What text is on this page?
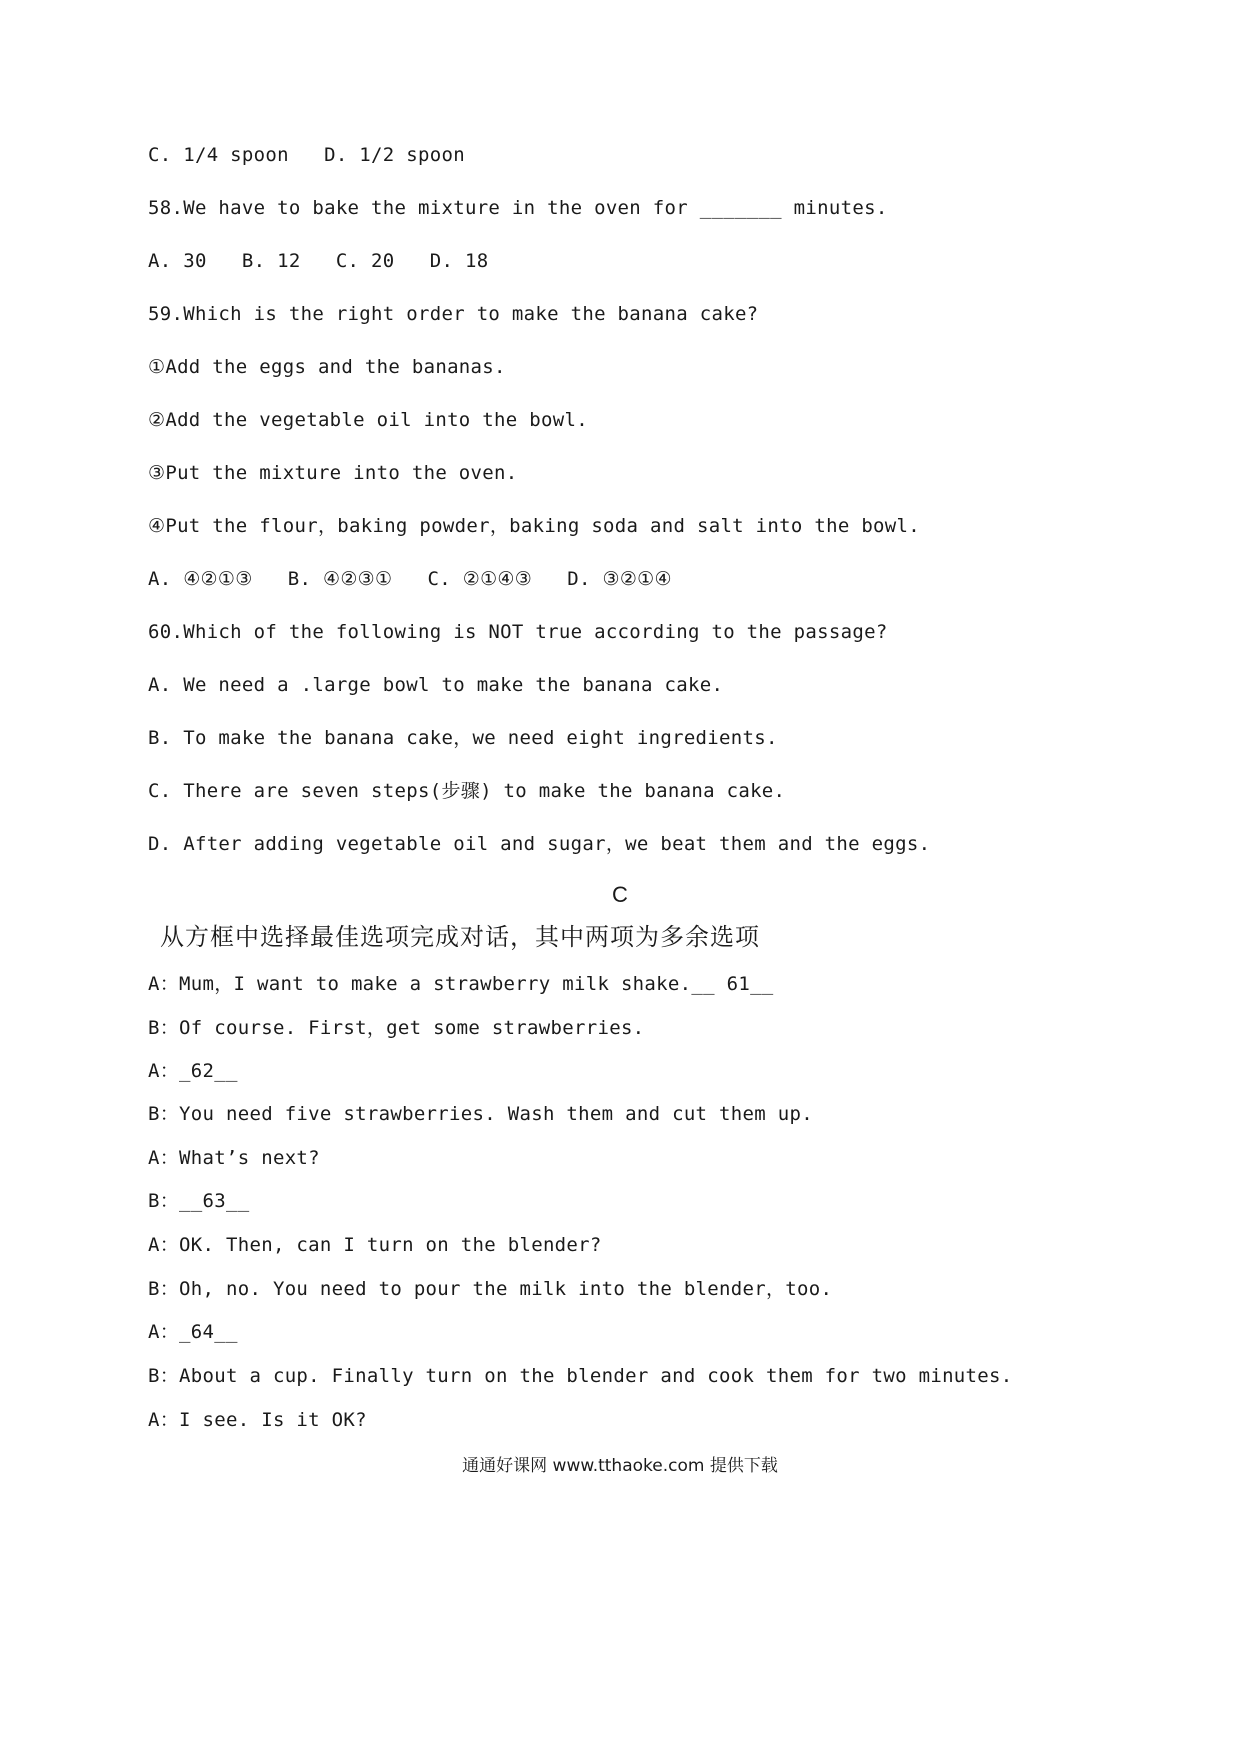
C. 1/4 spoon   D. 1/2 spoon
58.We have to bake the mixture in the oven for _______ minutes.
A. 30   B. 12   C. 20   D. 18
59.Which is the right order to make the banana cake?
①Add the eggs and the bananas.
②Add the vegetable oil into the bowl.
③Put the mixture into the oven.
④Put the flour，baking powder，baking soda and salt into the bowl.
A. ④②①③   B. ④②③①   C. ②①④③   D. ③②①④
60.Which of the following is NOT true according to the passage?
A. We need a .large bowl to make the banana cake.
B. To make the banana cake，we need eight ingredients.
C. There are seven steps(步骤) to make the banana cake.
D. After adding vegetable oil and sugar，we beat them and the eggs.
C
从方框中选择最佳选项完成对话，其中两项为多余选项
A：Mum，I want to make a strawberry milk shake.__ 61__
B：Of course. First，get some strawberries.
A：_62__
B：You need five strawberries. Wash them and cut them up.
A：What’s next?
B：__63__
A：OK. Then, can I turn on the blender?
B：Oh, no. You need to pour the milk into the blender，too.
A：_64__
B：About a cup. Finally turn on the blender and cook them for two minutes.
A：I see. Is it OK?
通通好课网 www.tthaoke.com 提供下载
